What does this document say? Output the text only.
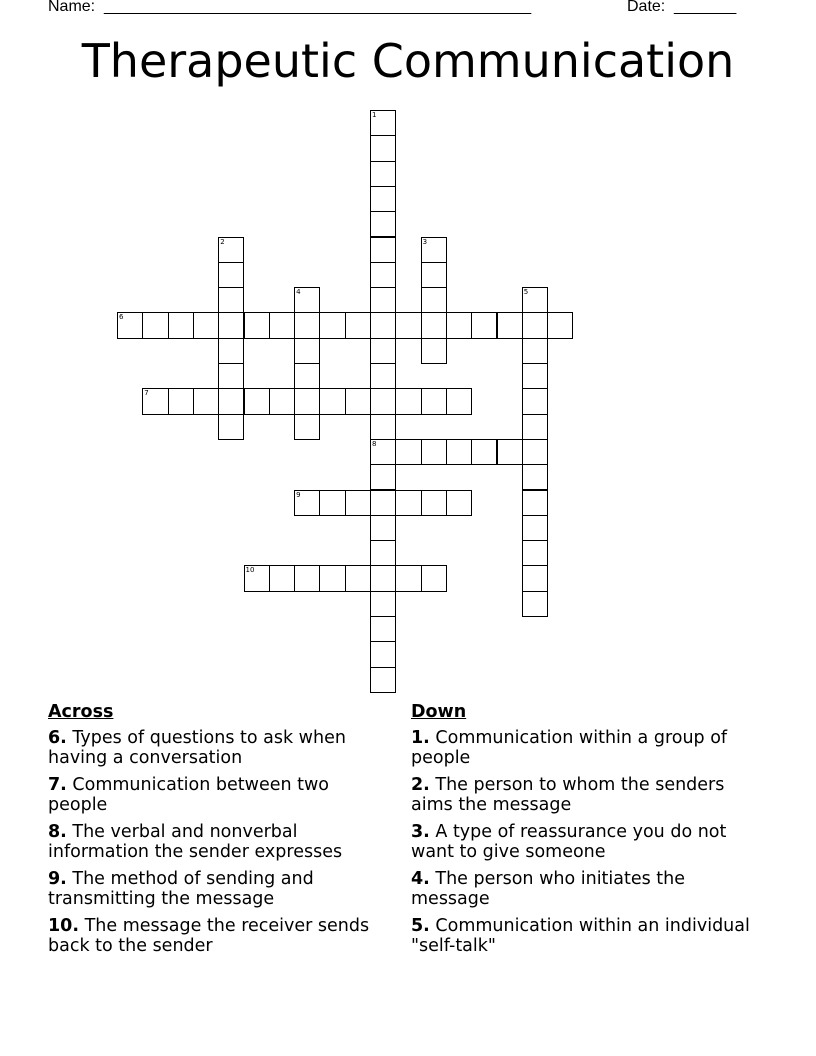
Name: ________________________________________________	Date: _______
Therapeutic Communication
1
8
2	3
4	5
6
7
9
10
Across
6. Types of questions to ask when having a conversation
7. Communication between two people
8. The verbal and nonverbal information the sender expresses
9. The method of sending and transmitting the message
10. The message the receiver sends back to the sender
Down
1. Communication within a group of people
2. The person to whom the senders aims the message
3. A type of reassurance you do not want to give someone
4. The person who initiates the message
5. Communication within an individual "self-talk"
